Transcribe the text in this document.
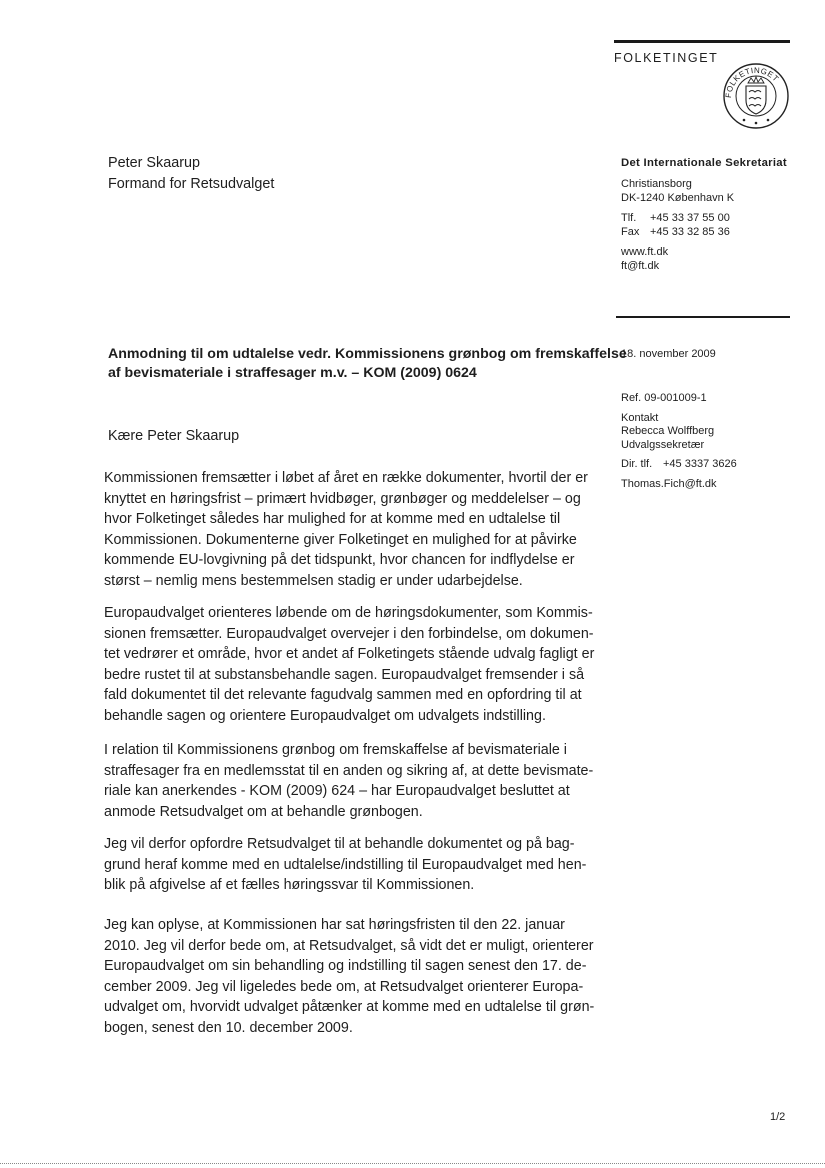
FOLKETINGET
FOLKETINGET
Peter Skaarup
Formand for Retsudvalget
Det Internationale Sekretariat
Christiansborg
DK-1240 København K
Tlf. +45 33 37 55 00
Fax +45 33 32 85 36
www.ft.dk
ft@ft.dk
Anmodning til om udtalelse vedr. Kommissionens grønbog om fremskaffelse
af bevismateriale i straffesager m.v. – KOM (2009) 0624
18. november 2009
Ref. 09-001009-1
Kontakt
Rebecca Wolffberg
Udvalgssekretær
Dir. tlf. +45 3337 3626
Thomas.Fich@ft.dk
Kære Peter Skaarup
Kommissionen fremsætter i løbet af året en række dokumenter, hvortil der er
knyttet en høringsfrist – primært hvidbøger, grønbøger og meddelelser – og
hvor Folketinget således har mulighed for at komme med en udtalelse til
Kommissionen. Dokumenterne giver Folketinget en mulighed for at påvirke
kommende EU-lovgivning på det tidspunkt, hvor chancen for indflydelse er
størst – nemlig mens bestemmelsen stadig er under udarbejdelse.
Europaudvalget orienteres løbende om de høringsdokumenter, som Kommis-
sionen fremsætter. Europaudvalget overvejer i den forbindelse, om dokumen-
tet vedrører et område, hvor et andet af Folketingets stående udvalg fagligt er
bedre rustet til at substansbehandle sagen. Europaudvalget fremsender i så
fald dokumentet til det relevante fagudvalg sammen med en opfordring til at
behandle sagen og orientere Europaudvalget om udvalgets indstilling.
I relation til Kommissionens grønbog om fremskaffelse af bevismateriale i
straffesager fra en medlemsstat til en anden og sikring af, at dette bevismate-
riale kan anerkendes - KOM (2009) 624 – har Europaudvalget besluttet at
anmode Retsudvalget om at behandle grønbogen.
Jeg vil derfor opfordre Retsudvalget til at behandle dokumentet og på bag-
grund heraf komme med en udtalelse/indstilling til Europaudvalget med hen-
blik på afgivelse af et fælles høringssvar til Kommissionen.
Jeg kan oplyse, at Kommissionen har sat høringsfristen til den 22. januar
2010. Jeg vil derfor bede om, at Retsudvalget, så vidt det er muligt, orienterer
Europaudvalget om sin behandling og indstilling til sagen senest den 17. de-
cember 2009. Jeg vil ligeledes bede om, at Retsudvalget orienterer Europa-
udvalget om, hvorvidt udvalget påtænker at komme med en udtalelse til grøn-
bogen, senest den 10. december 2009.
1/2
